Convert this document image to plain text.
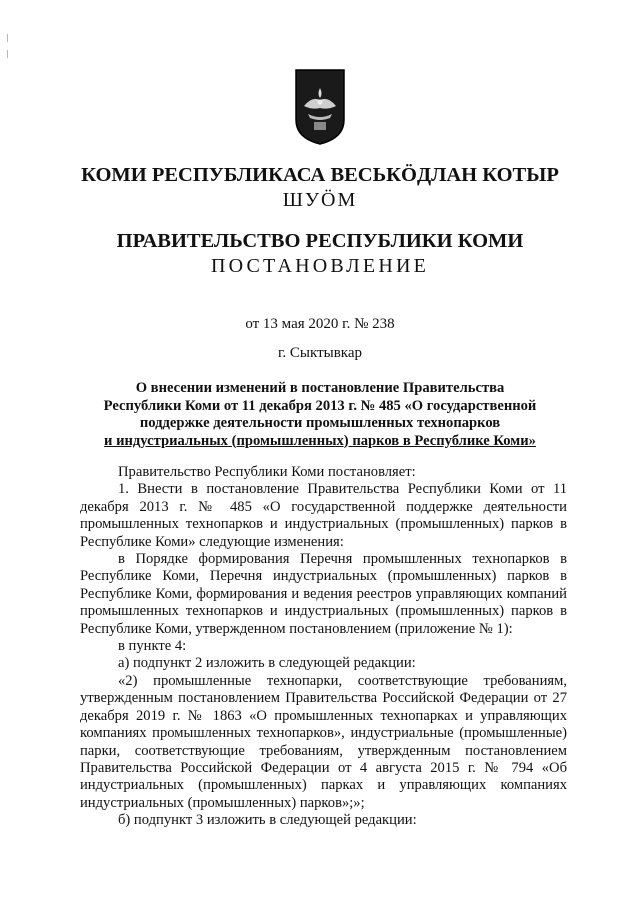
КОМИ РЕСПУБЛИКАСА ВЕСЬКӦДЛАН КОТЫР
ШУӦМ
ПРАВИТЕЛЬСТВО РЕСПУБЛИКИ КОМИ
ПОСТАНОВЛЕНИЕ
от 13 мая 2020 г. № 238
г. Сыктывкар
О внесении изменений в постановление Правительства
Республики Коми от 11 декабря 2013 г. № 485 «О государственной
поддержке деятельности промышленных технопарков
и индустриальных (промышленных) парков в Республике Коми»

Правительство Республики Коми постановляет:

1. Внести в постановление Правительства Республики Коми от 11 декабря 2013 г. № 485 «О государственной поддержке деятельности промышленных технопарков и индустриальных (промышленных) парков в Республике Коми» следующие изменения:

в Порядке формирования Перечня промышленных технопарков в Республике Коми, Перечня индустриальных (промышленных) парков в Республике Коми, формирования и ведения реестров управляющих компаний промышленных технопарков и индустриальных (промышленных) парков в Республике Коми, утвержденном постановлением (приложение № 1):

в пункте 4:

а) подпункт 2 изложить в следующей редакции:

«2) промышленные технопарки, соответствующие требованиям, утвержденным постановлением Правительства Российской Федерации от 27 декабря 2019 г. № 1863 «О промышленных технопарках и управляющих компаниях промышленных технопарков», индустриальные (промышленные) парки, соответствующие требованиям, утвержденным постановлением Правительства Российской Федерации от 4 августа 2015 г. № 794 «Об индустриальных (промышленных) парках и управляющих компаниях индустриальных (промышленных) парков»;»;

б) подпункт 3 изложить в следующей редакции:
